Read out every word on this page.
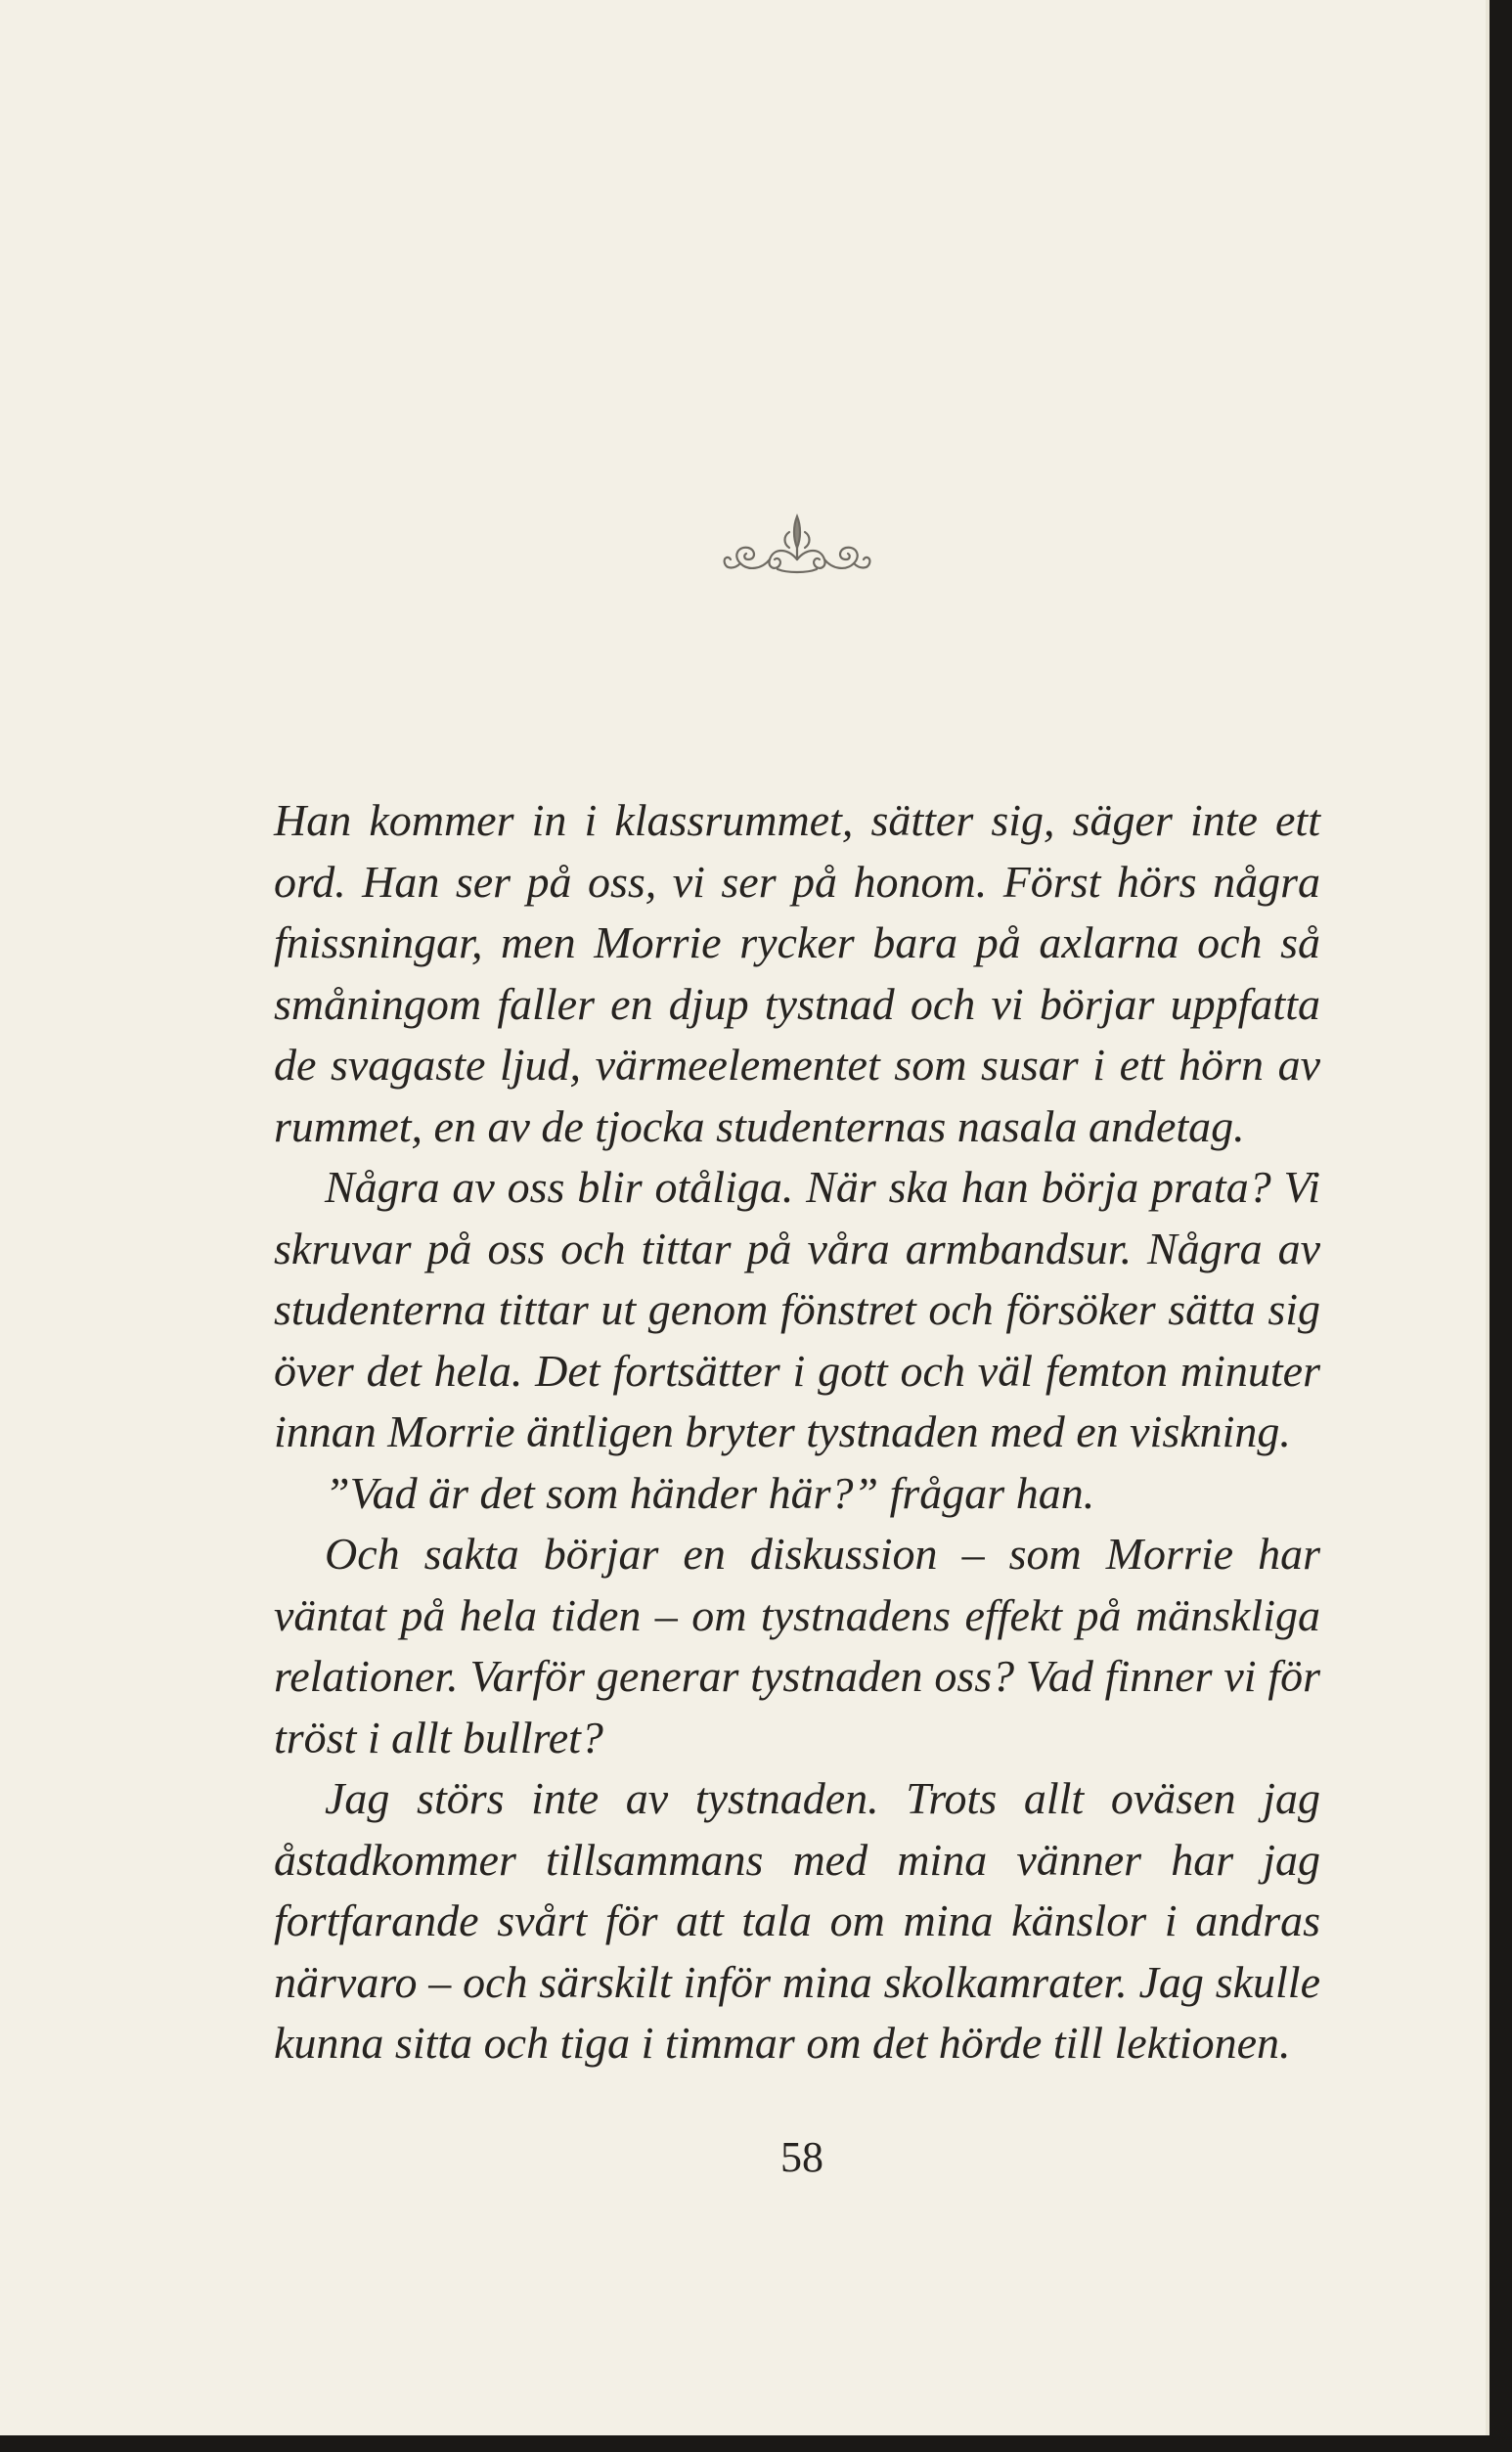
Han kommer in i klassrummet, sätter sig, säger inte ett ord. Han ser på oss, vi ser på honom. Först hörs några fnissningar, men Morrie rycker bara på axlarna och så småningom faller en djup tystnad och vi börjar uppfatta de svagaste ljud, värmeelementet som susar i ett hörn av rummet, en av de tjocka studenternas nasala andetag.

Några av oss blir otåliga. När ska han börja prata? Vi skruvar på oss och tittar på våra armbandsur. Några av studenterna tittar ut genom fönstret och försöker sätta sig över det hela. Det fortsätter i gott och väl femton minuter innan Morrie äntligen bryter tystnaden med en viskning.

”Vad är det som händer här?” frågar han.

Och sakta börjar en diskussion – som Morrie har väntat på hela tiden – om tystnadens effekt på mänskliga relationer. Varför generar tystnaden oss? Vad finner vi för tröst i allt bullret?

Jag störs inte av tystnaden. Trots allt oväsen jag åstadkommer tillsammans med mina vänner har jag fortfarande svårt för att tala om mina känslor i andras närvaro – och särskilt inför mina skolkamrater. Jag skulle kunna sitta och tiga i timmar om det hörde till lektionen.

58
